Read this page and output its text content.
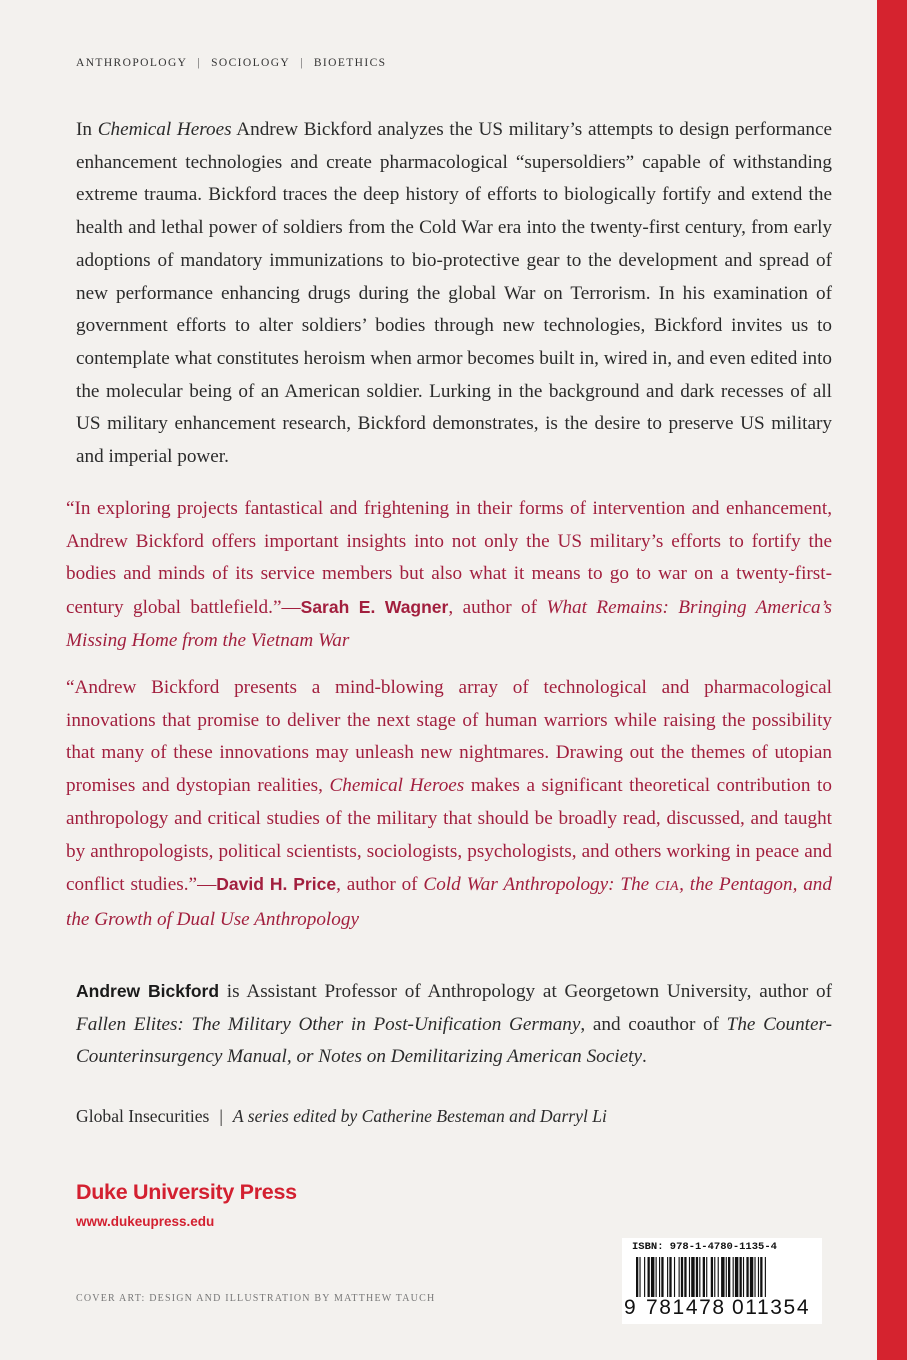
ANTHROPOLOGY | SOCIOLOGY | BIOETHICS
In Chemical Heroes Andrew Bickford analyzes the US military’s attempts to design performance enhancement technologies and create pharmacological “supersoldiers” capable of withstanding extreme trauma. Bickford traces the deep history of efforts to biologically fortify and extend the health and lethal power of soldiers from the Cold War era into the twenty-first century, from early adoptions of mandatory immunizations to bio-protective gear to the development and spread of new performance enhancing drugs during the global War on Terrorism. In his examination of government efforts to alter soldiers’ bodies through new technologies, Bickford invites us to contemplate what constitutes heroism when armor becomes built in, wired in, and even edited into the molecular being of an American soldier. Lurking in the background and dark recesses of all US military enhancement research, Bickford demonstrates, is the desire to preserve US military and imperial power.
“In exploring projects fantastical and frightening in their forms of intervention and enhancement, Andrew Bickford offers important insights into not only the US military’s efforts to fortify the bodies and minds of its service members but also what it means to go to war on a twenty-first-century global battlefield.”—Sarah E. Wagner, author of What Remains: Bringing America’s Missing Home from the Vietnam War
“Andrew Bickford presents a mind-blowing array of technological and pharmacological innovations that promise to deliver the next stage of human warriors while raising the possibility that many of these innovations may unleash new nightmares. Drawing out the themes of utopian promises and dystopian realities, Chemical Heroes makes a significant theoretical contribution to anthropology and critical studies of the military that should be broadly read, discussed, and taught by anthropologists, political scientists, sociologists, psychologists, and others working in peace and conflict studies.”—David H. Price, author of Cold War Anthropology: The CIA, the Pentagon, and the Growth of Dual Use Anthropology
Andrew Bickford is Assistant Professor of Anthropology at Georgetown University, author of Fallen Elites: The Military Other in Post-Unification Germany, and coauthor of The Counter-Counterinsurgency Manual, or Notes on Demilitarizing American Society.
Global Insecurities | A series edited by Catherine Besteman and Darryl Li
Duke University Press
www.dukeupress.edu
COVER ART: DESIGN AND ILLUSTRATION BY MATTHEW TAUCH
ISBN: 978-1-4780-1135-4
9 781478 011354
